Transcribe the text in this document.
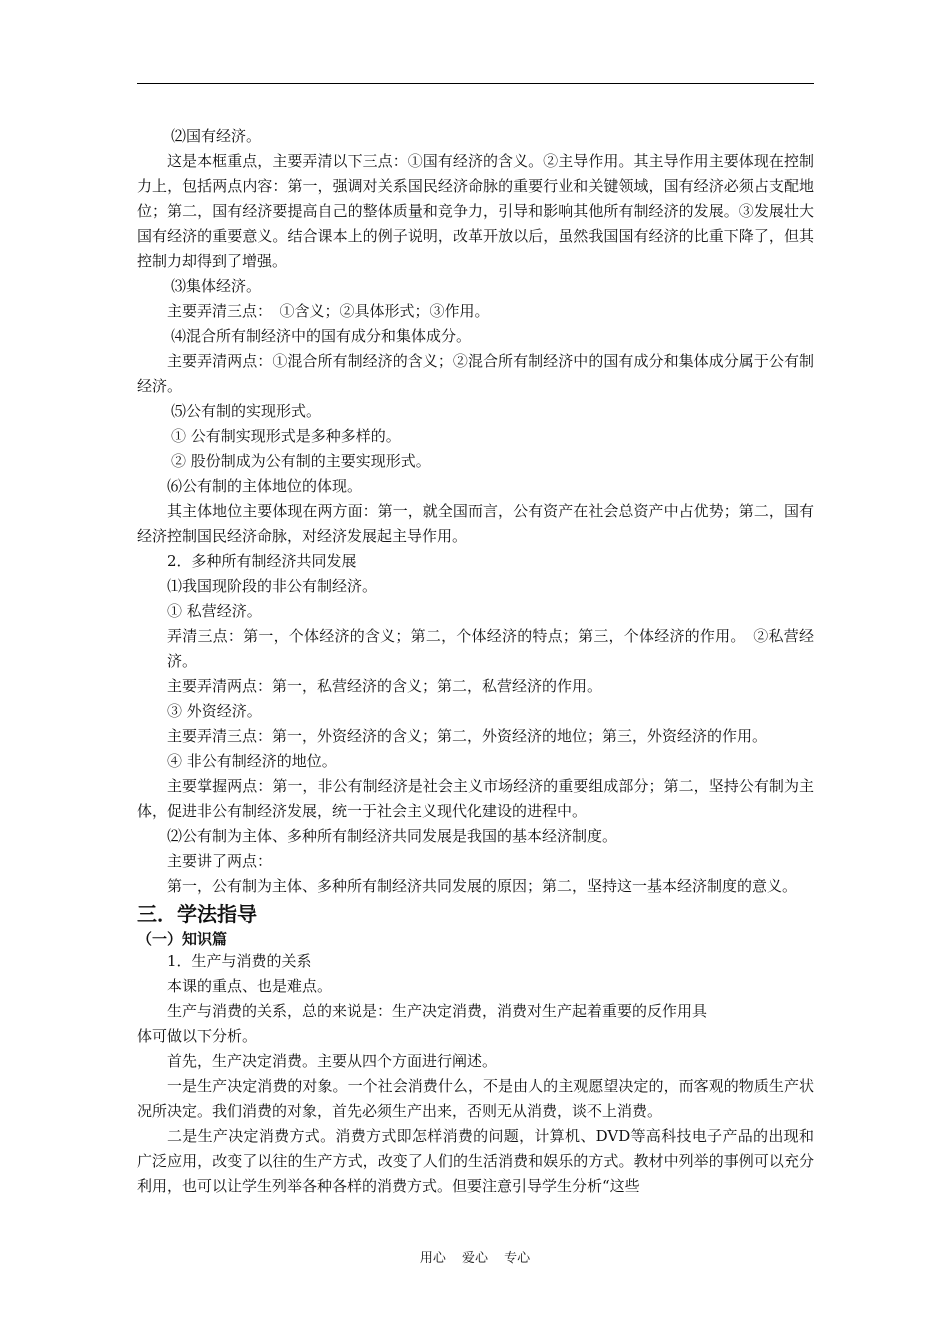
⑵国有经济。

这是本框重点，主要弄清以下三点：①国有经济的含义。②主导作用。其主导作用主要体现在控制力上，包括两点内容：第一，强调对关系国民经济命脉的重要行业和关键领域，国有经济必须占支配地位；第二，国有经济要提高自己的整体质量和竞争力，引导和影响其他所有制经济的发展。③发展壮大国有经济的重要意义。结合课本上的例子说明，改革开放以后，虽然我国国有经济的比重下降了，但其控制力却得到了增强。

⑶集体经济。

主要弄清三点：　①含义；②具体形式；③作用。

⑷混合所有制经济中的国有成分和集体成分。

主要弄清两点：①混合所有制经济的含义；②混合所有制经济中的国有成分和集体成分属于公有制经济。

⑸公有制的实现形式。

① 公有制实现形式是多种多样的。

② 股份制成为公有制的主要实现形式。

⑹公有制的主体地位的体现。

其主体地位主要体现在两方面：第一，就全国而言，公有资产在社会总资产中占优势；第二，国有经济控制国民经济命脉，对经济发展起主导作用。

2．多种所有制经济共同发展

⑴我国现阶段的非公有制经济。

① 私营经济。

弄清三点：第一，个体经济的含义；第二，个体经济的特点；第三，个体经济的作用。　②私营经济。

主要弄清两点：第一，私营经济的含义；第二，私营经济的作用。

③ 外资经济。

主要弄清三点：第一，外资经济的含义；第二，外资经济的地位；第三，外资经济的作用。

④ 非公有制经济的地位。

主要掌握两点：第一，非公有制经济是社会主义市场经济的重要组成部分；第二，坚持公有制为主体，促进非公有制经济发展，统一于社会主义现代化建设的进程中。

⑵公有制为主体、多种所有制经济共同发展是我国的基本经济制度。

主要讲了两点：

第一，公有制为主体、多种所有制经济共同发展的原因；第二，坚持这一基本经济制度的意义。

三．学法指导

（一）知识篇

1．生产与消费的关系

本课的重点、也是难点。

生产与消费的关系，总的来说是：生产决定消费，消费对生产起着重要的反作用具

体可做以下分析。

首先，生产决定消费。主要从四个方面进行阐述。

一是生产决定消费的对象。一个社会消费什么，不是由人的主观愿望决定的，而客观的物质生产状况所决定。我们消费的对象，首先必须生产出来，否则无从消费，谈不上消费。

二是生产决定消费方式。消费方式即怎样消费的问题，计算机、DVD等高科技电子产品的出现和广泛应用，改变了以往的生产方式，改变了人们的生活消费和娱乐的方式。教材中列举的事例可以充分利用，也可以让学生列举各种各样的消费方式。但要注意引导学生分析“这些

用心 爱心 专心
